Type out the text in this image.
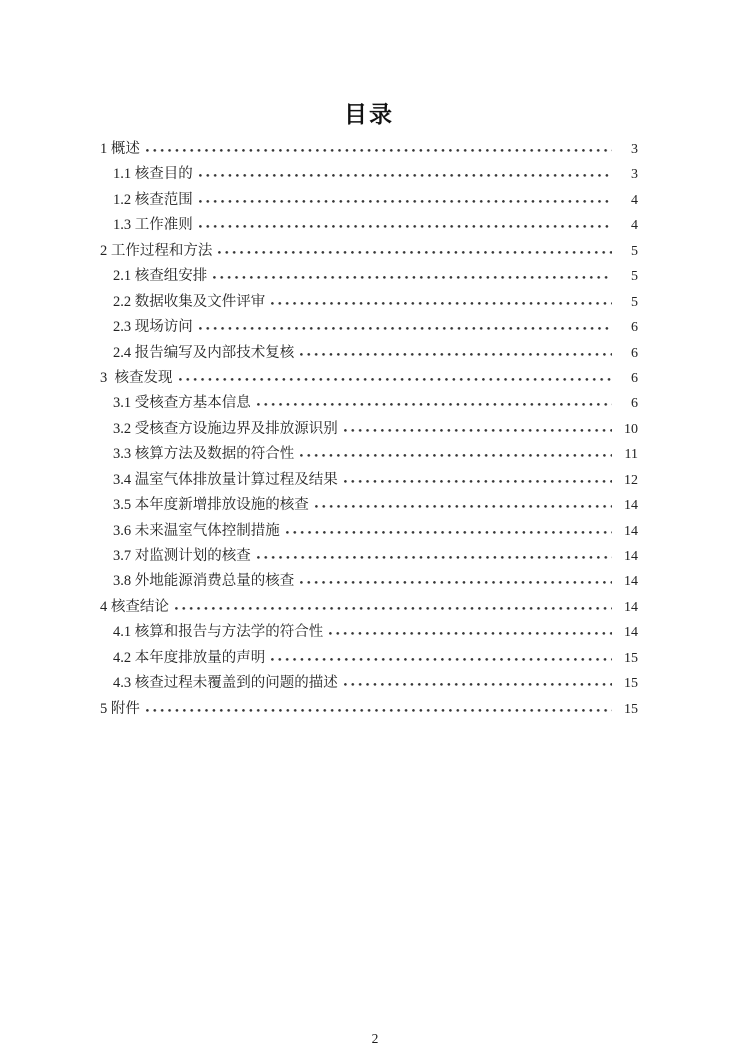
目录
1 概述	3
1.1 核查目的	3
1.2 核查范围	4
1.3 工作准则	4
2 工作过程和方法	5
2.1 核查组安排	5
2.2 数据收集及文件评审	5
2.3 现场访问	6
2.4 报告编写及内部技术复核	6
3  核查发现	6
3.1 受核查方基本信息	6
3.2 受核查方设施边界及排放源识别	10
3.3 核算方法及数据的符合性	11
3.4 温室气体排放量计算过程及结果	12
3.5 本年度新增排放设施的核查	14
3.6 未来温室气体控制措施	14
3.7 对监测计划的核查	14
3.8 外地能源消费总量的核查	14
4 核查结论	14
4.1 核算和报告与方法学的符合性	14
4.2 本年度排放量的声明	15
4.3 核查过程未覆盖到的问题的描述	15
5 附件	15
2
